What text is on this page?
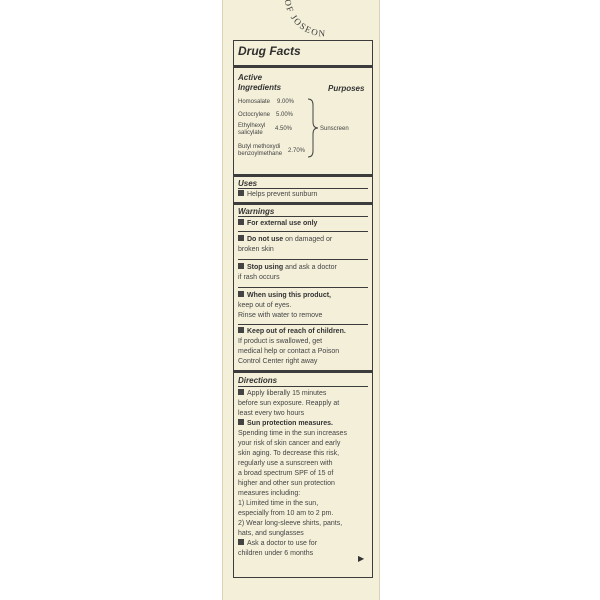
OF JOSEON
Drug Facts
Active
Ingredients	Purposes
Homosalate 9.00%
Octocrylene 5.00%
Ethylhexyl
salicylate
4.50%
Butyl methoxydi
benzoylmethane 2.70%
Sunscreen
Uses
Helps prevent sunburn
Warnings
For external use only
Do not use on damaged or
broken skin
Stop using and ask a doctor
if rash occurs
When using this product,
keep out of eyes.
Rinse with water to remove
Keep out of reach of children.
If product is swallowed, get
medical help or contact a Poison
Control Center right away
Directions
Apply liberally 15 minutes
before sun exposure. Reapply at
least every two hours
Sun protection measures.
Spending time in the sun increases
your risk of skin cancer and early
skin aging. To decrease this risk,
regularly use a sunscreen with
a broad spectrum SPF of 15 of
higher and other sun protection
measures including:
1) Limited time in the sun,
especially from 10 am to 2 pm.
2) Wear long-sleeve shirts, pants,
hats, and sunglasses
Ask a doctor to use for
children under 6 months
▶
